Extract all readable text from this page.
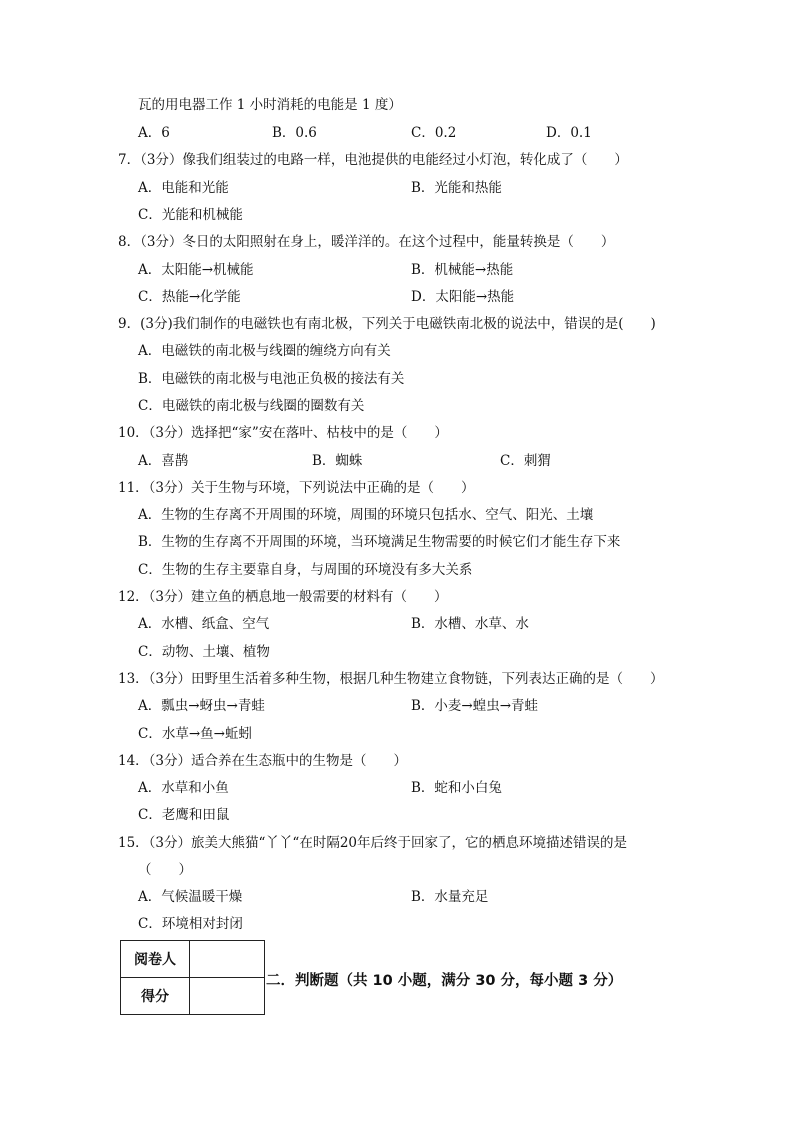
瓦的用电器工作 1 小时消耗的电能是 1 度）
A．6	B．0.6	C．0.2	D．0.1
7．（3分）像我们组装过的电路一样，电池提供的电能经过小灯泡，转化成了（　　）
A．电能和光能	B．光能和热能
C．光能和机械能
8．（3分）冬日的太阳照射在身上，暖洋洋的。在这个过程中，能量转换是（　　）
A．太阳能→机械能	B．机械能→热能
C．热能→化学能	D．太阳能→热能
9．(3分)我们制作的电磁铁也有南北极，下列关于电磁铁南北极的说法中，错误的是(　　)
A．电磁铁的南北极与线圈的缠绕方向有关
B．电磁铁的南北极与电池正负极的接法有关
C．电磁铁的南北极与线圈的圈数有关
10．（3分）选择把“家”安在落叶、枯枝中的是（　　）
A．喜鹊	B．蜘蛛	C．刺猬
11．（3分）关于生物与环境，下列说法中正确的是（　　）
A．生物的生存离不开周围的环境，周围的环境只包括水、空气、阳光、土壤
B．生物的生存离不开周围的环境，当环境满足生物需要的时候它们才能生存下来
C．生物的生存主要靠自身，与周围的环境没有多大关系
12．（3分）建立鱼的栖息地一般需要的材料有（　　）
A．水槽、纸盒、空气	B．水槽、水草、水
C．动物、土壤、植物
13．（3分）田野里生活着多种生物，根据几种生物建立食物链，下列表达正确的是（　　）
A．瓢虫→蚜虫→青蛙	B．小麦→蝗虫→青蛙
C．水草→鱼→蚯蚓
14．（3分）适合养在生态瓶中的生物是（　　）
A．水草和小鱼	B．蛇和小白兔
C．老鹰和田鼠
15．（3分）旅美大熊猫“丫丫“在时隔20年后终于回家了，它的栖息环境描述错误的是
（　　）
A．气候温暖干燥	B．水量充足
C．环境相对封闭
阅卷人	
得分	
二．判断题（共 10 小题，满分 30 分，每小题 3 分）
